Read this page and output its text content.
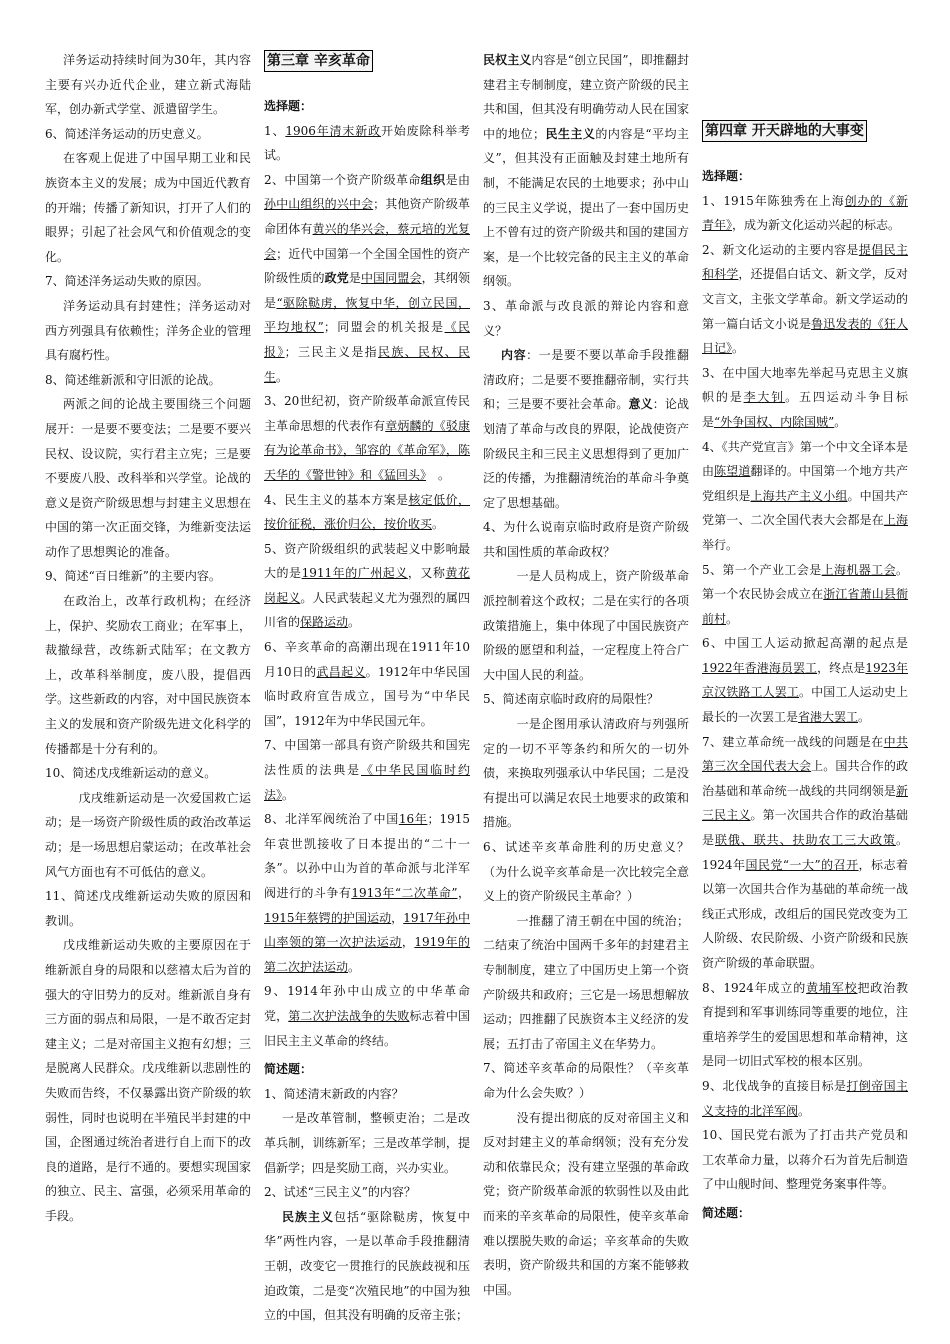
洋务运动持续时间为30年，其内容主要有兴办近代企业，建立新式海陆军，创办新式学堂、派遣留学生。

6、简述洋务运动的历史意义。

在客观上促进了中国早期工业和民族资本主义的发展；成为中国近代教育的开端；传播了新知识，打开了人们的眼界；引起了社会风气和价值观念的变化。

7、简述洋务运动失败的原因。

洋务运动具有封建性；洋务运动对西方列强具有依赖性；洋务企业的管理具有腐朽性。

8、简述维新派和守旧派的论战。

两派之间的论战主要围绕三个问题展开：一是要不要变法；二是要不要兴民权、设议院，实行君主立宪；三是要不要废八股、改科举和兴学堂。论战的意义是资产阶级思想与封建主义思想在中国的第一次正面交锋，为维新变法运动作了思想舆论的准备。

9、简述“百日维新”的主要内容。

在政治上，改革行政机构；在经济上，保护、奖励农工商业；在军事上，裁撤绿营，改练新式陆军；在文教方上，改革科举制度，废八股，提倡西学。这些新政的内容，对中国民族资本主义的发展和资产阶级先进文化科学的传播都是十分有利的。

10、简述戊戌维新运动的意义。

戊戌维新运动是一次爱国救亡运动；是一场资产阶级性质的政治改革运动；是一场思想启蒙运动；在改革社会风气方面也有不可低估的意义。

11、简述戊戌维新运动失败的原因和教训。

戊戌维新运动失败的主要原因在于维新派自身的局限和以慈禧太后为首的强大的守旧势力的反对。维新派自身有三方面的弱点和局限，一是不敢否定封建主义；二是对帝国主义抱有幻想；三是脱离人民群众。戊戌维新以悲剧性的失败而告终，不仅暴露出资产阶级的软弱性，同时也说明在半殖民半封建的中国，企图通过统治者进行自上而下的改良的道路，是行不通的。要想实现国家的独立、民主、富强，必须采用革命的手段。

第三章 辛亥革命

选择题：

1、1906年清末新政开始废除科举考试。

2、中国第一个资产阶级革命组织是由孙中山组织的兴中会；其他资产阶级革命团体有黄兴的华兴会，蔡元培的光复会；近代中国第一个全国全国性的资产阶级性质的政党是中国同盟会，其纲领是“驱除鞑虏，恢复中华，创立民国，平均地权”；同盟会的机关报是《民报》；三民主义是指民族、民权、民生。

3、20世纪初，资产阶级革命派宣传民主革命思想的代表作有章炳麟的《驳康有为论革命书》，邹容的《革命军》，陈天华的《警世钟》和《猛回头》　。

4、民生主义的基本方案是核定低价，按价征税，涨价归公，按价收买。

5、资产阶级组织的武装起义中影响最大的是1911年的广州起义，又称黄花岗起义。人民武装起义尤为强烈的属四川省的保路运动。

6、辛亥革命的高潮出现在1911年10月10日的武昌起义。1912年中华民国临时政府宣告成立，国号为“中华民国”，1912年为中华民国元年。

7、中国第一部具有资产阶级共和国宪法性质的法典是《中华民国临时约法》。

8、北洋军阀统治了中国16年；1915年袁世凯接收了日本提出的“二十一条”。以孙中山为首的革命派与北洋军阀进行的斗争有1913年“二次革命”，1915年蔡锷的护国运动，1917年孙中山率领的第一次护法运动，1919年的第二次护法运动。

9、1914年孙中山成立的中华革命党，第二次护法战争的失败标志着中国旧民主主义革命的终结。

简述题：

1、简述清末新政的内容？

一是改革管制，整顿吏治；二是改革兵制，训练新军；三是改革学制，提倡新学；四是奖励工商，兴办实业。

2、试述“三民主义”的内容？

民族主义包括“驱除鞑虏，恢复中华”两性内容，一是以革命手段推翻清王朝，改变它一贯推行的民族歧视和压迫政策，二是变“次殖民地”的中国为独立的中国，但其没有明确的反帝主张；

民权主义内容是“创立民国”，即推翻封建君主专制制度，建立资产阶级的民主共和国，但其没有明确劳动人民在国家中的地位；民生主义的内容是“平均主义”，但其没有正面触及封建土地所有制，不能满足农民的土地要求；孙中山的三民主义学说，提出了一套中国历史上不曾有过的资产阶级共和国的建国方案，是一个比较完备的民主主义的革命纲领。

3、革命派与改良派的辩论内容和意义？

内容：一是要不要以革命手段推翻清政府；二是要不要推翻帝制，实行共和；三是要不要社会革命。意义：论战划清了革命与改良的界限，论战使资产阶级民主和三民主义思想得到了更加广泛的传播，为推翻清统治的革命斗争奠定了思想基础。

4、为什么说南京临时政府是资产阶级共和国性质的革命政权？

一是人员构成上，资产阶级革命派控制着这个政权；二是在实行的各项政策措施上，集中体现了中国民族资产阶级的愿望和利益，一定程度上符合广大中国人民的利益。

5、简述南京临时政府的局限性？

一是企图用承认清政府与列强所定的一切不平等条约和所欠的一切外债，来换取列强承认中华民国；二是没有提出可以满足农民土地要求的政策和措施。

6、试述辛亥革命胜利的历史意义？（为什么说辛亥革命是一次比较完全意义上的资产阶级民主革命？）

一推翻了清王朝在中国的统治；二结束了统治中国两千多年的封建君主专制制度，建立了中国历史上第一个资产阶级共和政府；三它是一场思想解放运动；四推翻了民族资本主义经济的发展；五打击了帝国主义在华势力。

7、简述辛亥革命的局限性？（辛亥革命为什么会失败？）

没有提出彻底的反对帝国主义和反对封建主义的革命纲领；没有充分发动和依靠民众；没有建立坚强的革命政党；资产阶级革命派的软弱性以及由此而来的辛亥革命的局限性，使辛亥革命难以摆脱失败的命运；辛亥革命的失败表明，资产阶级共和国的方案不能够救中国。

第四章 开天辟地的大事变

选择题：

1、1915年陈独秀在上海创办的《新青年》，成为新文化运动兴起的标志。

2、新文化运动的主要内容是提倡民主和科学，还提倡白话文、新文学，反对文言文，主张文学革命。新文学运动的第一篇白话文小说是鲁迅发表的《狂人日记》。

3、在中国大地率先举起马克思主义旗帜的是李大钊。五四运动斗争目标是“外争国权、内除国贼”。

4、《共产党宣言》第一个中文全译本是由陈望道翻译的。中国第一个地方共产党组织是上海共产主义小组。中国共产党第一、二次全国代表大会都是在上海举行。

5、第一个产业工会是上海机器工会。第一个农民协会成立在浙江省萧山县衙前村。

6、中国工人运动掀起高潮的起点是1922年香港海员罢工，终点是1923年京汉铁路工人罢工。中国工人运动史上最长的一次罢工是省港大罢工。

7、建立革命统一战线的问题是在中共第三次全国代表大会上。国共合作的政治基础和革命统一战线的共同纲领是新三民主义。第一次国共合作的政治基础是联俄、联共、扶助农工三大政策。1924年国民党“一大”的召开，标志着以第一次国共合作为基础的革命统一战线正式形成，改组后的国民党改变为工人阶级、农民阶级、小资产阶级和民族资产阶级的革命联盟。

8、1924年成立的黄埔军校把政治教育提到和军事训练同等重要的地位，注重培养学生的爱国思想和革命精神，这是同一切旧式军校的根本区别。

9、北伐战争的直接目标是打倒帝国主义支持的北洋军阀。

10、国民党右派为了打击共产党员和工农革命力量，以蒋介石为首先后制造了中山舰时间、整理党务案事件等。

简述题：
